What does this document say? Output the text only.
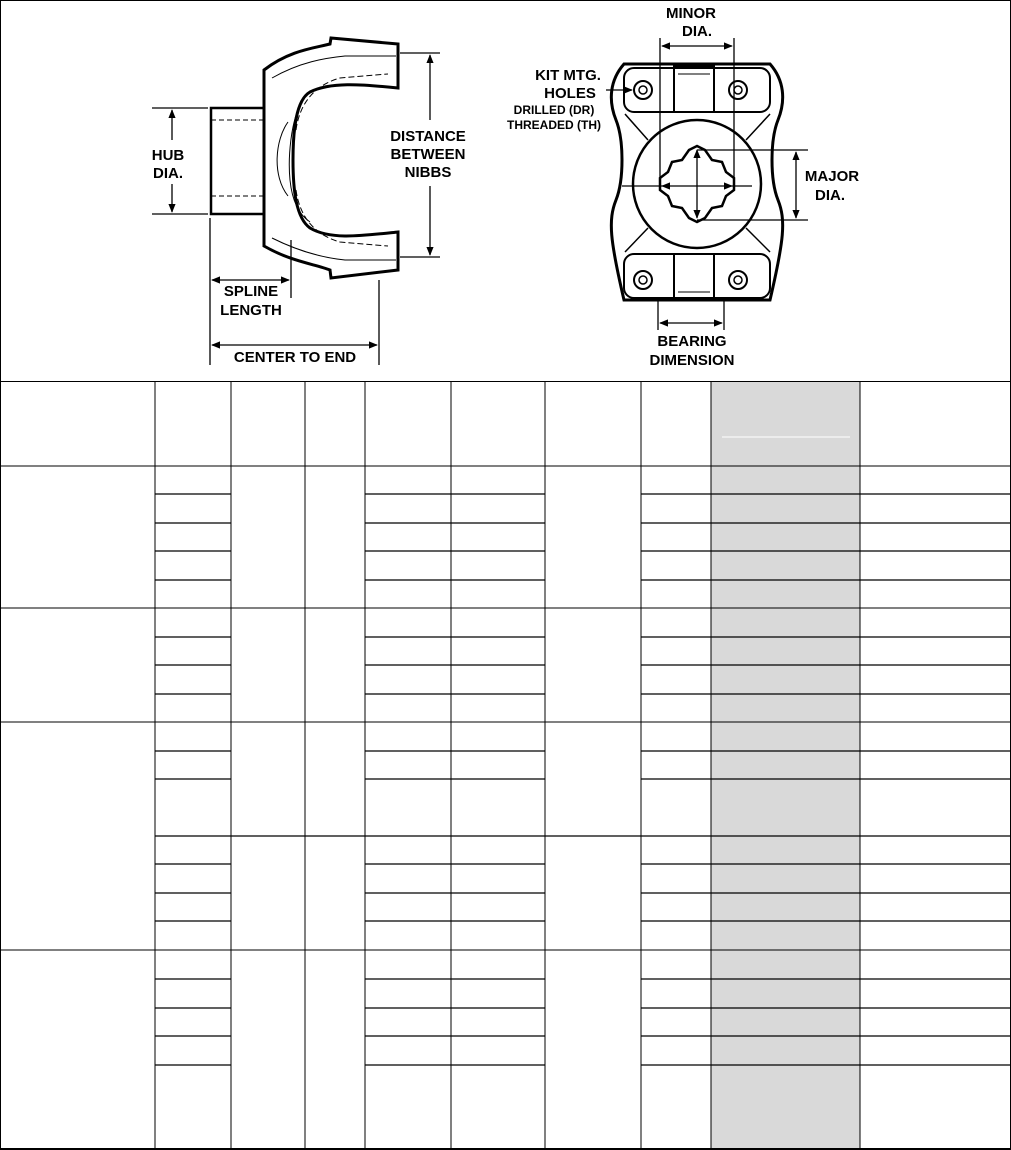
HUB
DIA.
DISTANCE
BETWEEN
NIBBS
SPLINE
LENGTH
CENTER TO END
MINOR
DIA.
KIT MTG.
HOLES
DRILLED (DR)
THREADED (TH)
MAJOR
DIA.
BEARING
DIMENSION
